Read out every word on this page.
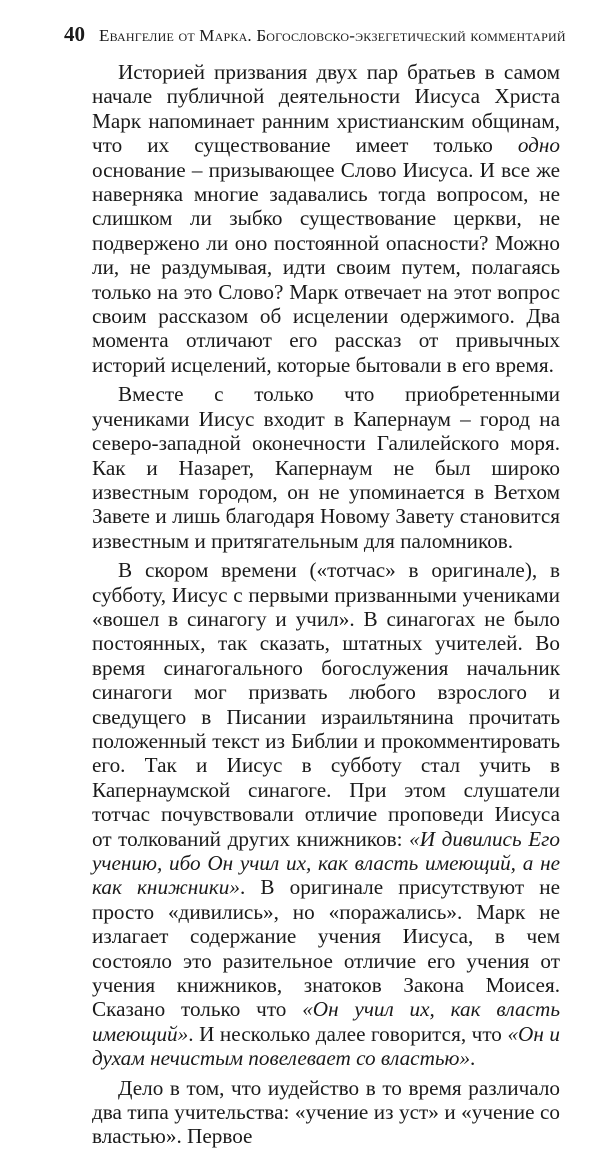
40 Евангелие от Марка. Богословско-экзегетический комментарий

Историей призвания двух пар братьев в самом начале публичной деятельности Иисуса Христа Марк напоминает ранним христианским общинам, что их существование имеет только одно основание – призывающее Слово Иисуса. И все же наверняка многие задавались тогда вопросом, не слишком ли зыбко существование церкви, не подвержено ли оно постоянной опасности? Можно ли, не раздумывая, идти своим путем, полагаясь только на это Слово? Марк отвечает на этот вопрос своим рассказом об исцелении одержимого. Два момента отличают его рассказ от привычных историй исцелений, которые бытовали в его время.

Вместе с только что приобретенными учениками Иисус входит в Капернаум – город на северо-западной оконечности Галилейского моря. Как и Назарет, Капернаум не был широко известным городом, он не упоминается в Ветхом Завете и лишь благодаря Новому Завету становится известным и притягательным для паломников.

В скором времени («тотчас» в оригинале), в субботу, Иисус с первыми призванными учениками «вошел в синагогу и учил». В синагогах не было постоянных, так сказать, штатных учителей. Во время синагогального богослужения начальник синагоги мог призвать любого взрослого и сведущего в Писании израильтянина прочитать положенный текст из Библии и прокомментировать его. Так и Иисус в субботу стал учить в Капернаумской синагоге. При этом слушатели тотчас почувствовали отличие проповеди Иисуса от толкований других книжников: «И дивились Его учению, ибо Он учил их, как власть имеющий, а не как книжники». В оригинале присутствуют не просто «дивились», но «поражались». Марк не излагает содержание учения Иисуса, в чем состояло это разительное отличие его учения от учения книжников, знатоков Закона Моисея. Сказано только что «Он учил их, как власть имеющий». И несколько далее говорится, что «Он и духам нечистым повелевает со властью».

Дело в том, что иудейство в то время различало два типа учительства: «учение из уст» и «учение со властью». Первое
